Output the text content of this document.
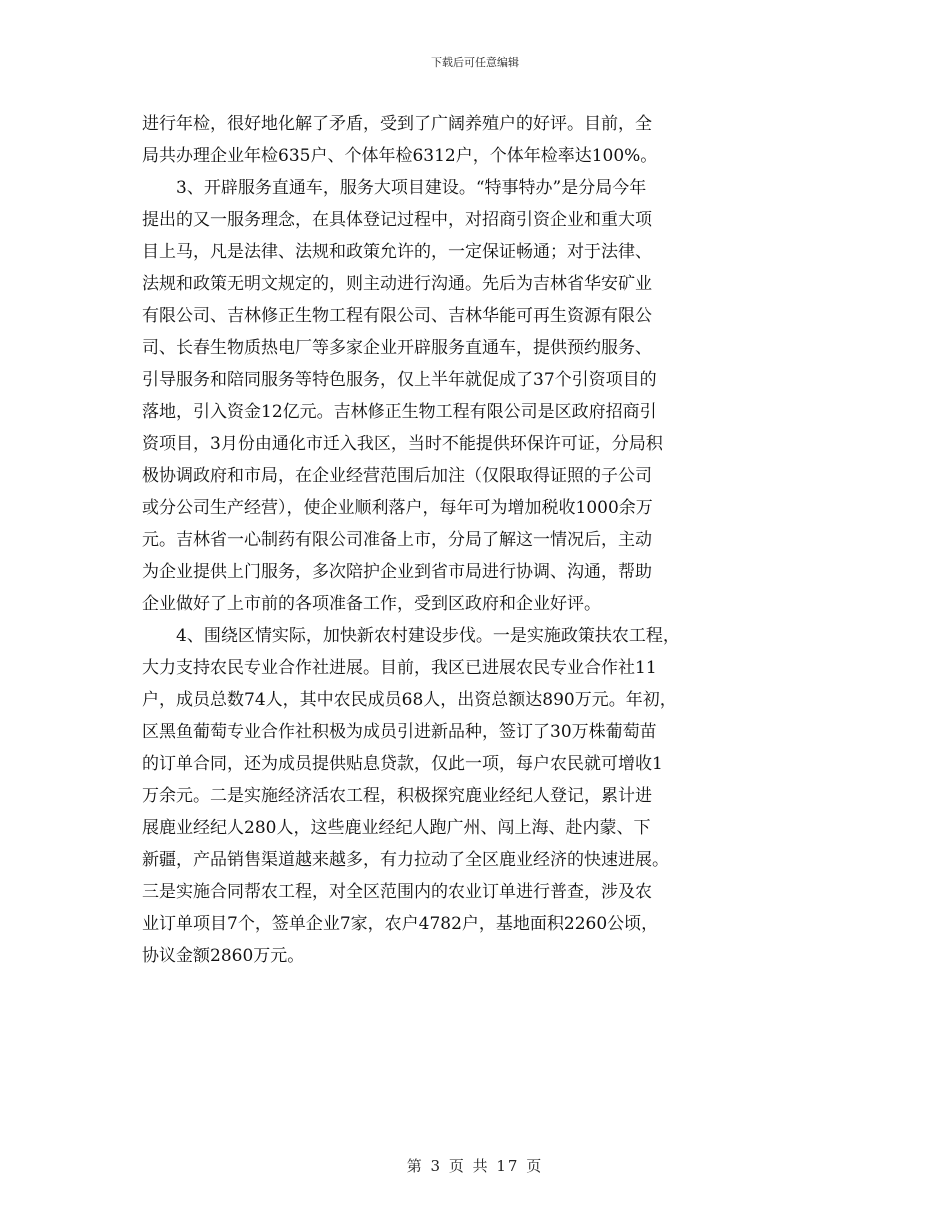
下载后可任意编辑
进行年检，很好地化解了矛盾，受到了广阔养殖户的好评。目前，全
局共办理企业年检635户、个体年检6312户，个体年检率达100%。
3、开辟服务直通车，服务大项目建设。“特事特办”是分局今年
提出的又一服务理念，在具体登记过程中，对招商引资企业和重大项
目上马，凡是法律、法规和政策允许的，一定保证畅通；对于法律、
法规和政策无明文规定的，则主动进行沟通。先后为吉林省华安矿业
有限公司、吉林修正生物工程有限公司、吉林华能可再生资源有限公
司、长春生物质热电厂等多家企业开辟服务直通车，提供预约服务、
引导服务和陪同服务等特色服务，仅上半年就促成了37个引资项目的
落地，引入资金12亿元。吉林修正生物工程有限公司是区政府招商引
资项目，3月份由通化市迁入我区，当时不能提供环保许可证，分局积
极协调政府和市局，在企业经营范围后加注（仅限取得证照的子公司
或分公司生产经营），使企业顺利落户，每年可为增加税收1000余万
元。吉林省一心制药有限公司准备上市，分局了解这一情况后，主动
为企业提供上门服务，多次陪护企业到省市局进行协调、沟通，帮助
企业做好了上市前的各项准备工作，受到区政府和企业好评。
4、围绕区情实际，加快新农村建设步伐。一是实施政策扶农工程，
大力支持农民专业合作社进展。目前，我区已进展农民专业合作社11
户，成员总数74人，其中农民成员68人，出资总额达890万元。年初，
区黑鱼葡萄专业合作社积极为成员引进新品种，签订了30万株葡萄苗
的订单合同，还为成员提供贴息贷款，仅此一项，每户农民就可增收1
万余元。二是实施经济活农工程，积极探究鹿业经纪人登记，累计进
展鹿业经纪人280人，这些鹿业经纪人跑广州、闯上海、赴内蒙、下
新疆，产品销售渠道越来越多，有力拉动了全区鹿业经济的快速进展。
三是实施合同帮农工程，对全区范围内的农业订单进行普查，涉及农
业订单项目7个，签单企业7家，农户4782户，基地面积2260公顷，
协议金额2860万元。
第 3 页 共 17 页
